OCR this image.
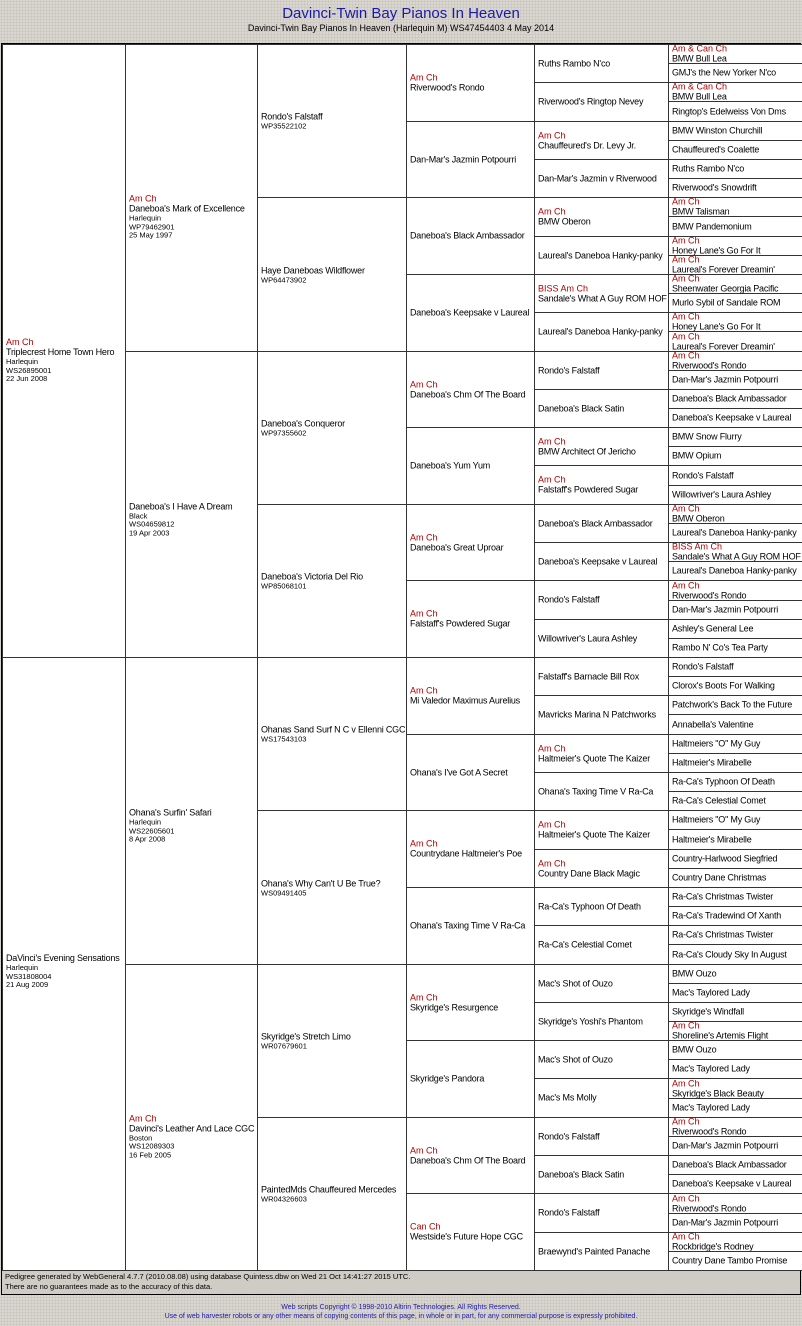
Davinci-Twin Bay Pianos In Heaven
Davinci-Twin Bay Pianos In Heaven (Harlequin M) WS47454403 4 May 2014
Am Ch
Triplecrest Home Town Hero
Harlequin
WS26895001
22 Jun 2008
DaVinci's Evening Sensations
Harlequin
WS31808004
21 Aug 2009
Am Ch
Daneboa's Mark of Excellence
Harlequin
WP79462901
25 May 1997
Daneboa's I Have A Dream
Black
WS04659812
19 Apr 2003
Ohana's Surfin' Safari
Harlequin
WS22605601
8 Apr 2008
Am Ch
Davinci's Leather And Lace CGC
Boston
WS12089303
16 Feb 2005
Rondo's Falstaff
WP35522102
Haye Daneboas Wildflower
WP64473902
Daneboa's Conqueror
WP97355602
Daneboa's Victoria Del Rio
WP85068101
Ohanas Sand Surf N C v Ellenni CGC
WS17543103
Ohana's Why Can't U Be True?
WS09491405
Skyridge's Stretch Limo
WR07679601
PaintedMds Chauffeured Mercedes
WR04326603
Am Ch
Riverwood's Rondo
Dan-Mar's Jazmin Potpourri
Daneboa's Black Ambassador
Daneboa's Keepsake v Laureal
Am Ch
Daneboa's Chm Of The Board
Daneboa's Yum Yum
Am Ch
Daneboa's Great Uproar
Am Ch
Falstaff's Powdered Sugar
Am Ch
Mi Valedor Maximus Aurelius
Ohana's I've Got A Secret
Am Ch
Countrydane Haltmeier's Poe
Ohana's Taxing Time V Ra-Ca
Am Ch
Skyridge's Resurgence
Skyridge's Pandora
Am Ch
Daneboa's Chm Of The Board
Can Ch
Westside's Future Hope CGC
Ruths Rambo N'co
Riverwood's Ringtop Nevey
Am Ch
Chauffeured's Dr. Levy Jr.
Dan-Mar's Jazmin v Riverwood
Am Ch
BMW Oberon
Laureal's Daneboa Hanky-panky
BISS Am Ch
Sandale's What A Guy ROM HOF
Laureal's Daneboa Hanky-panky
Rondo's Falstaff
Daneboa's Black Satin
Am Ch
BMW Architect Of Jericho
Am Ch
Falstaff's Powdered Sugar
Daneboa's Black Ambassador
Daneboa's Keepsake v Laureal
Rondo's Falstaff
Willowriver's Laura Ashley
Falstaff's Barnacle Bill Rox
Mavricks Marina N Patchworks
Am Ch
Haltmeier's Quote The Kaizer
Ohana's Taxing Time V Ra-Ca
Am Ch
Haltmeier's Quote The Kaizer
Am Ch
Country Dane Black Magic
Ra-Ca's Typhoon Of Death
Ra-Ca's Celestial Comet
Mac's Shot of Ouzo
Skyridge's Yoshi's Phantom
Mac's Shot of Ouzo
Mac's Ms Molly
Rondo's Falstaff
Daneboa's Black Satin
Rondo's Falstaff
Braewynd's Painted Panache
Am & Can Ch
BMW Bull Lea
GMJ's the New Yorker N'co
Am & Can Ch
BMW Bull Lea
Ringtop's Edelweiss Von Dms
BMW Winston Churchill
Chauffeured's Coalette
Ruths Rambo N'co
Riverwood's Snowdrift
Am Ch
BMW Talisman
BMW Pandemonium
Am Ch
Honey Lane's Go For It
Am Ch
Laureal's Forever Dreamin'
Am Ch
Sheenwater Georgia Pacific
Murlo Sybil of Sandale ROM
Am Ch
Honey Lane's Go For It
Am Ch
Laureal's Forever Dreamin'
Am Ch
Riverwood's Rondo
Dan-Mar's Jazmin Potpourri
Daneboa's Black Ambassador
Daneboa's Keepsake v Laureal
BMW Snow Flurry
BMW Opium
Rondo's Falstaff
Willowriver's Laura Ashley
Am Ch
BMW Oberon
Laureal's Daneboa Hanky-panky
BISS Am Ch
Sandale's What A Guy ROM HOF
Laureal's Daneboa Hanky-panky
Am Ch
Riverwood's Rondo
Dan-Mar's Jazmin Potpourri
Ashley's General Lee
Rambo N' Co's Tea Party
Rondo's Falstaff
Clorox's Boots For Walking
Patchwork's Back To the Future
Annabella's Valentine
Haltmeiers "O" My Guy
Haltmeier's Mirabelle
Ra-Ca's Typhoon Of Death
Ra-Ca's Celestial Comet
Haltmeiers "O" My Guy
Haltmeier's Mirabelle
Country-Harlwood Siegfried
Country Dane Christmas
Ra-Ca's Christmas Twister
Ra-Ca's Tradewind Of Xanth
Ra-Ca's Christmas Twister
Ra-Ca's Cloudy Sky In August
BMW Ouzo
Mac's Taylored Lady
Skyridge's Windfall
Am Ch
Shoreline's Artemis Flight
BMW Ouzo
Mac's Taylored Lady
Am Ch
Skyridge's Black Beauty
Mac's Taylored Lady
Am Ch
Riverwood's Rondo
Dan-Mar's Jazmin Potpourri
Daneboa's Black Ambassador
Daneboa's Keepsake v Laureal
Am Ch
Riverwood's Rondo
Dan-Mar's Jazmin Potpourri
Am Ch
Rockbridge's Rodney
Country Dane Tambo Promise
Pedigree generated by WebGeneral 4.7.7 (2010.08.08) using database Quintess.dbw on Wed 21 Oct 14:41:27 2015 UTC.
There are no guarantees made as to the accuracy of this data.
Web scripts Copyright © 1998-2010 Altirin Technologies. All Rights Reserved.
Use of web harvester robots or any other means of copying contents of this page, in whole or in part, for any commercial purpose is expressly prohibited.
